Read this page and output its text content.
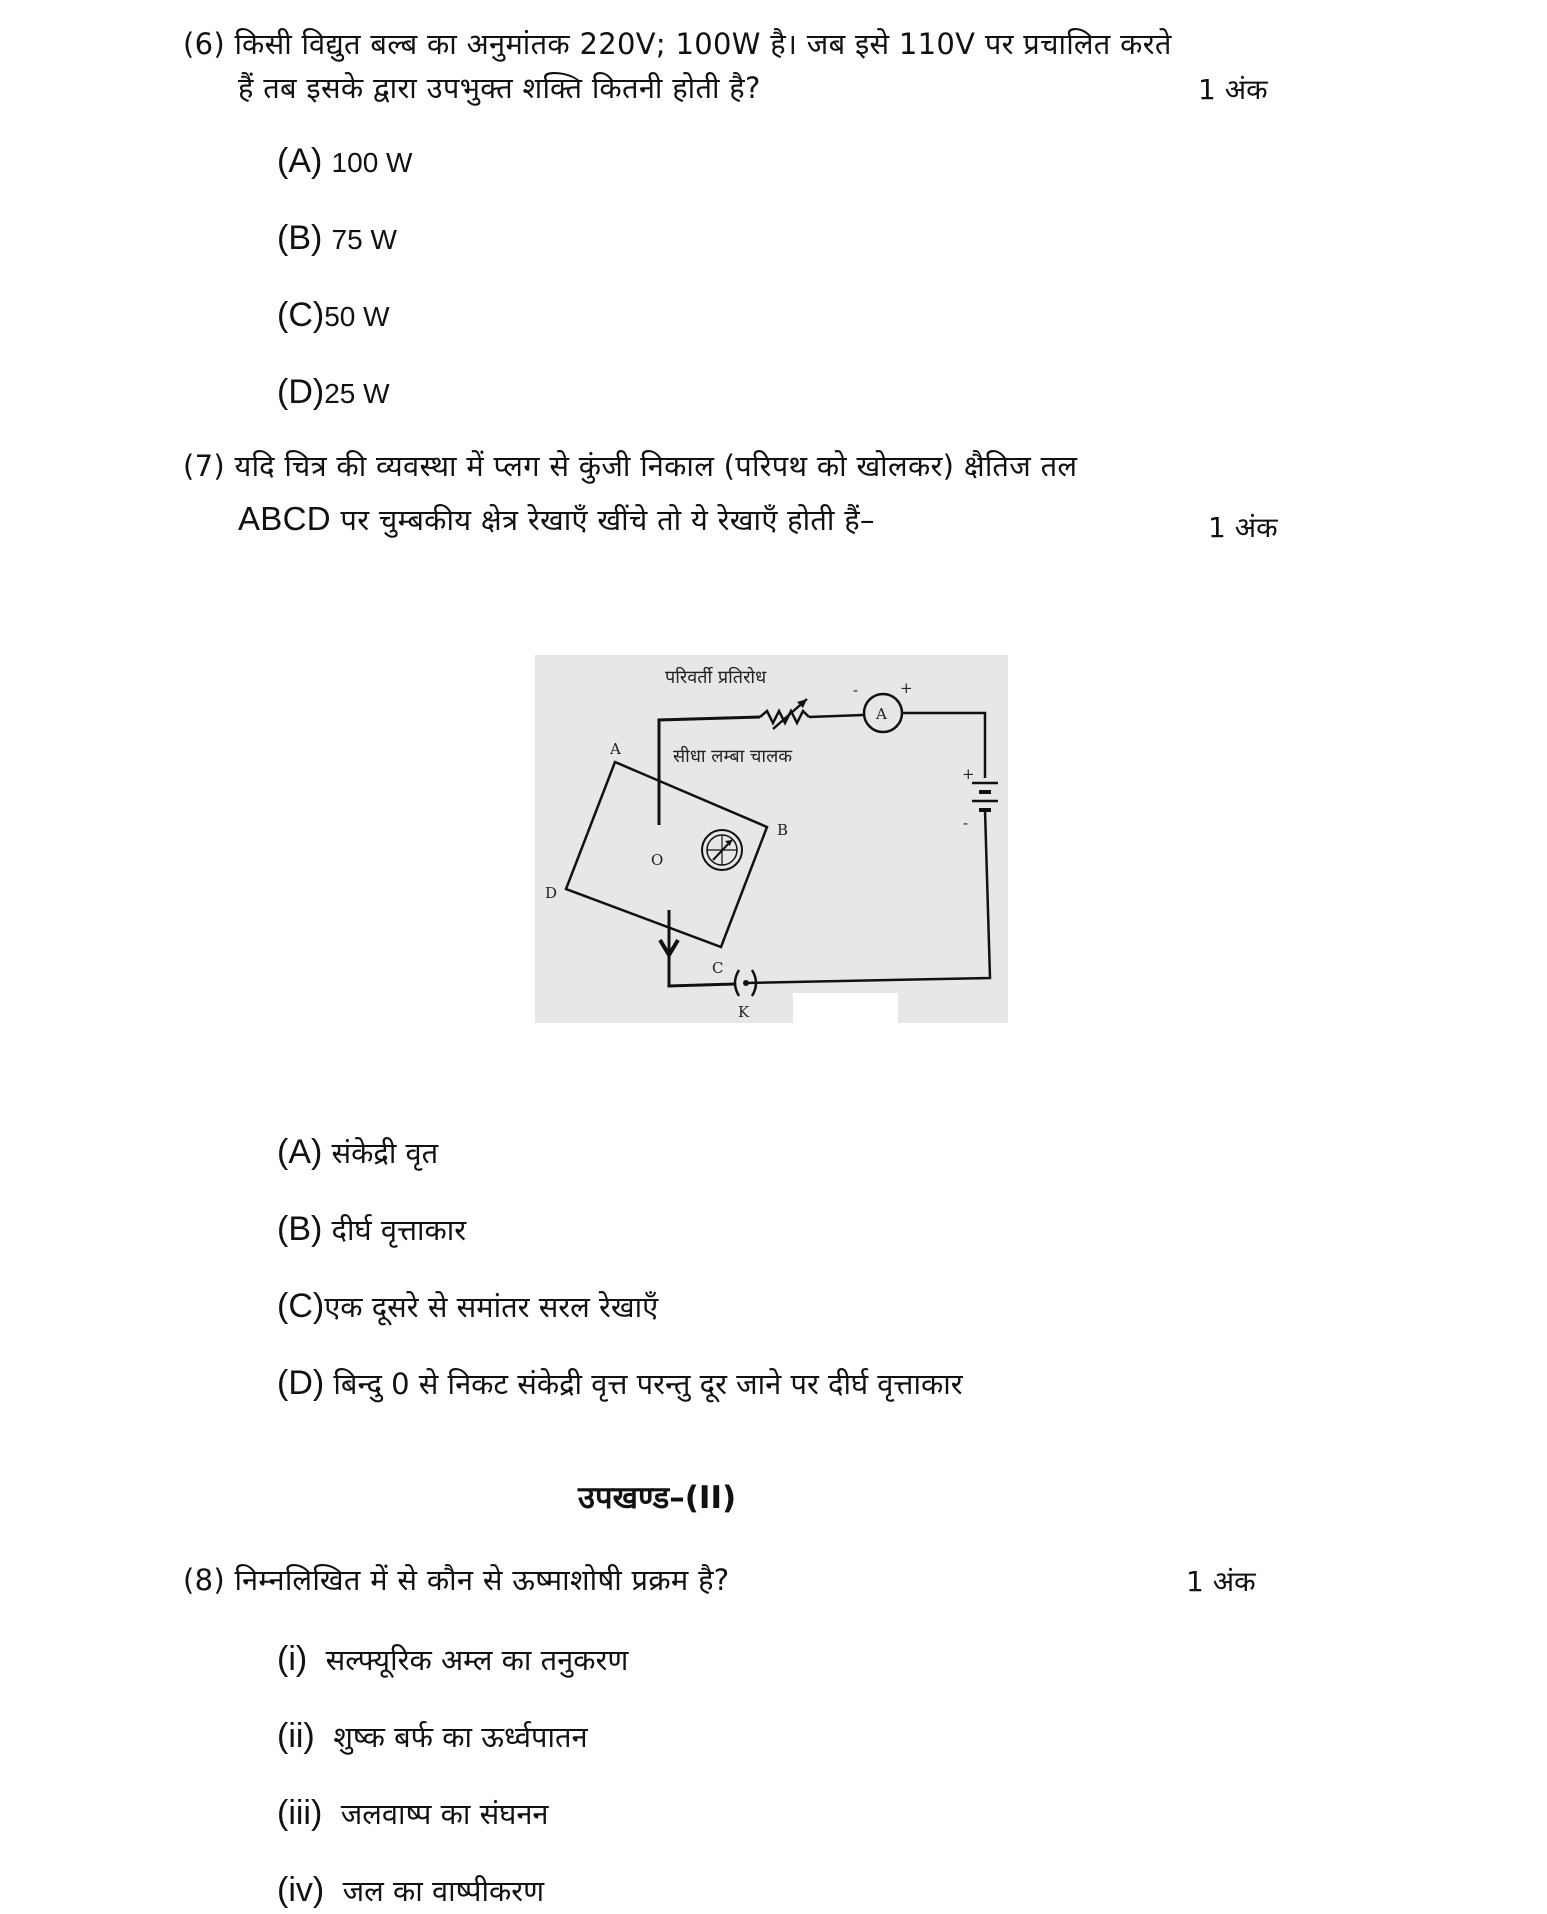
(6) किसी विद्युत बल्ब का अनुमांतक 220V; 100W है। जब इसे 110V पर प्रचालित करते
हैं तब इसके द्वारा उपभुक्त शक्ति कितनी होती है?	1 अंक
(A) 100 W
(B) 75 W
(C)50 W
(D)25 W
(7) यदि चित्र की व्यवस्था में प्लग से कुंजी निकाल (परिपथ को खोलकर) क्षैतिज तल
ABCD पर चुम्बकीय क्षेत्र रेखाएँ खींचे तो ये रेखाएँ होती हैं–	1 अंक
A
-	+
+
-
K
A
B
C
D
O
परिवर्ती प्रतिरोध
सीधा लम्बा चालक
(A) संकेद्री वृत
(B) दीर्घ वृत्ताकार
(C)एक दूसरे से समांतर सरल रेखाएँ
(D) बिन्दु 0 से निकट संकेद्री वृत्त परन्तु दूर जाने पर दीर्घ वृत्ताकार
उपखण्ड–(II)
(8) निम्नलिखित में से कौन से ऊष्माशोषी प्रक्रम है?	1 अंक
(i) सल्फ्यूरिक अम्ल का तनुकरण
(ii) शुष्क बर्फ का ऊर्ध्वपातन
(iii) जलवाष्प का संघनन
(iv) जल का वाष्पीकरण
